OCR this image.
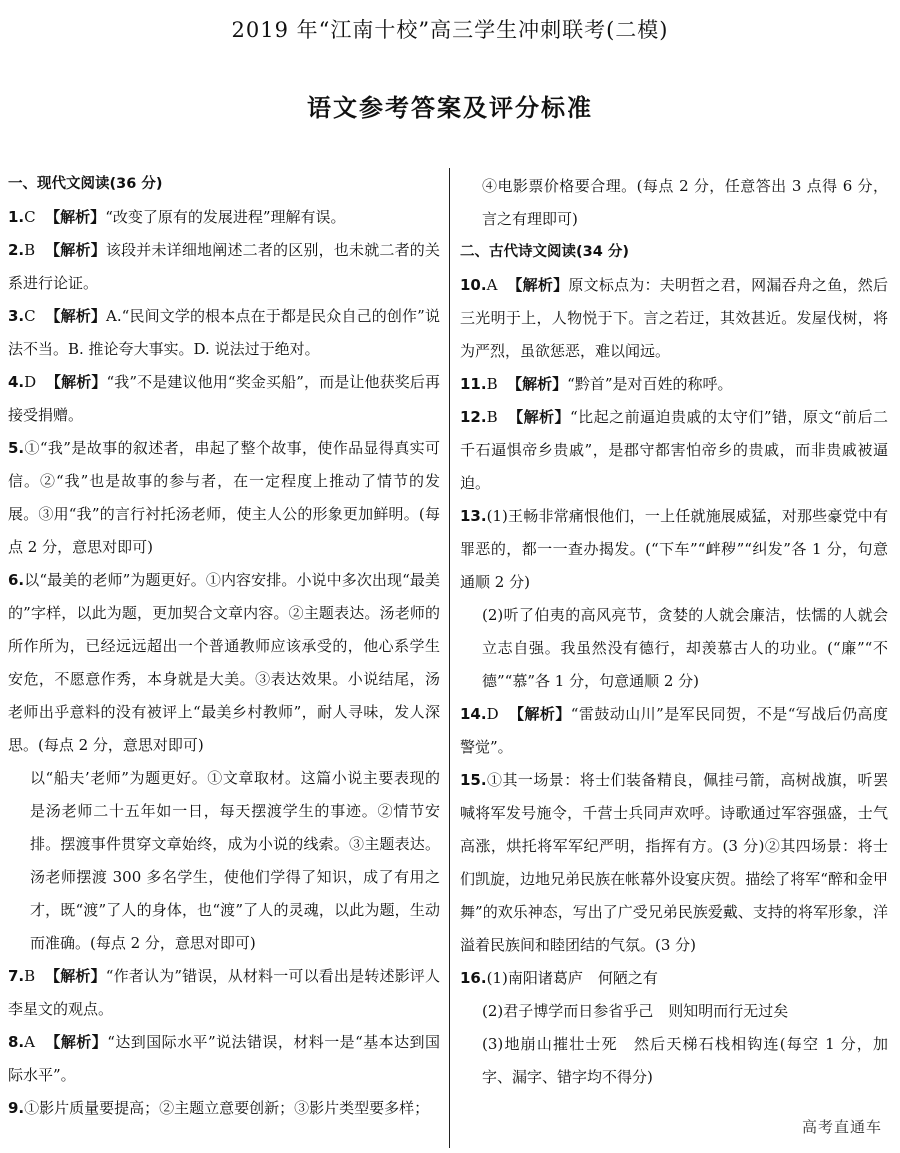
2019 年“江南十校”高三学生冲刺联考(二模)
语文参考答案及评分标准
一、现代文阅读(36 分)
1.C 【解析】“改变了原有的发展进程”理解有误。
2.B 【解析】该段并未详细地阐述二者的区别，也未就二者的关系进行论证。
3.C 【解析】A.“民间文学的根本点在于都是民众自己的创作”说法不当。B. 推论夸大事实。D. 说法过于绝对。
4.D 【解析】“我”不是建议他用“奖金买船”，而是让他获奖后再接受捐赠。
5.①“我”是故事的叙述者，串起了整个故事，使作品显得真实可信。②“我”也是故事的参与者，在一定程度上推动了情节的发展。③用“我”的言行衬托汤老师，使主人公的形象更加鲜明。(每点 2 分，意思对即可)
6.以“最美的老师”为题更好。①内容安排。小说中多次出现“最美的”字样，以此为题，更加契合文章内容。②主题表达。汤老师的所作所为，已经远远超出一个普通教师应该承受的，他心系学生安危，不愿意作秀，本身就是大美。③表达效果。小说结尾，汤老师出乎意料的没有被评上“最美乡村教师”，耐人寻味，发人深思。(每点 2 分，意思对即可)
以“船夫’老师”为题更好。①文章取材。这篇小说主要表现的是汤老师二十五年如一日，每天摆渡学生的事迹。②情节安排。摆渡事件贯穿文章始终，成为小说的线索。③主题表达。汤老师摆渡 300 多名学生，使他们学得了知识，成了有用之才，既“渡”了人的身体，也“渡”了人的灵魂，以此为题，生动而准确。(每点 2 分，意思对即可)
7.B 【解析】“作者认为”错误，从材料一可以看出是转述影评人李星文的观点。
8.A 【解析】“达到国际水平”说法错误，材料一是“基本达到国际水平”。
9.①影片质量要提高；②主题立意要创新；③影片类型要多样；
④电影票价格要合理。(每点 2 分，任意答出 3 点得 6 分，言之有理即可)
二、古代诗文阅读(34 分)
10.A 【解析】原文标点为：夫明哲之君，网漏吞舟之鱼，然后三光明于上，人物悦于下。言之若迂，其效甚近。发屋伐树，将为严烈，虽欲惩恶，难以闻远。
11.B 【解析】“黔首”是对百姓的称呼。
12.B 【解析】“比起之前逼迫贵戚的太守们”错，原文“前后二千石逼惧帝乡贵戚”，是郡守都害怕帝乡的贵戚，而非贵戚被逼迫。
13.(1)王畅非常痛恨他们，一上任就施展威猛，对那些豪党中有罪恶的，都一一查办揭发。(“下车”“衅秽”“纠发”各 1 分，句意通顺 2 分)
(2)听了伯夷的高风亮节，贪婪的人就会廉洁，怯懦的人就会立志自强。我虽然没有德行，却羡慕古人的功业。(“廉”“不德”“慕”各 1 分，句意通顺 2 分)
14.D 【解析】“雷鼓动山川”是军民同贺，不是“写战后仍高度警觉”。
15.①其一场景：将士们装备精良，佩挂弓箭，高树战旗，听罢喊将军发号施令，千营士兵同声欢呼。诗歌通过军容强盛，士气高涨，烘托将军军纪严明，指挥有方。(3 分)②其四场景：将士们凯旋，边地兄弟民族在帐幕外设宴庆贺。描绘了将军“醉和金甲舞”的欢乐神态，写出了广受兄弟民族爱戴、支持的将军形象，洋溢着民族间和睦团结的气氛。(3 分)
16.(1)南阳诸葛庐　何陋之有
(2)君子博学而日参省乎己　则知明而行无过矣
(3)地崩山摧壮士死　然后天梯石栈相钩连(每空 1 分，加字、漏字、错字均不得分)
高考直通车
